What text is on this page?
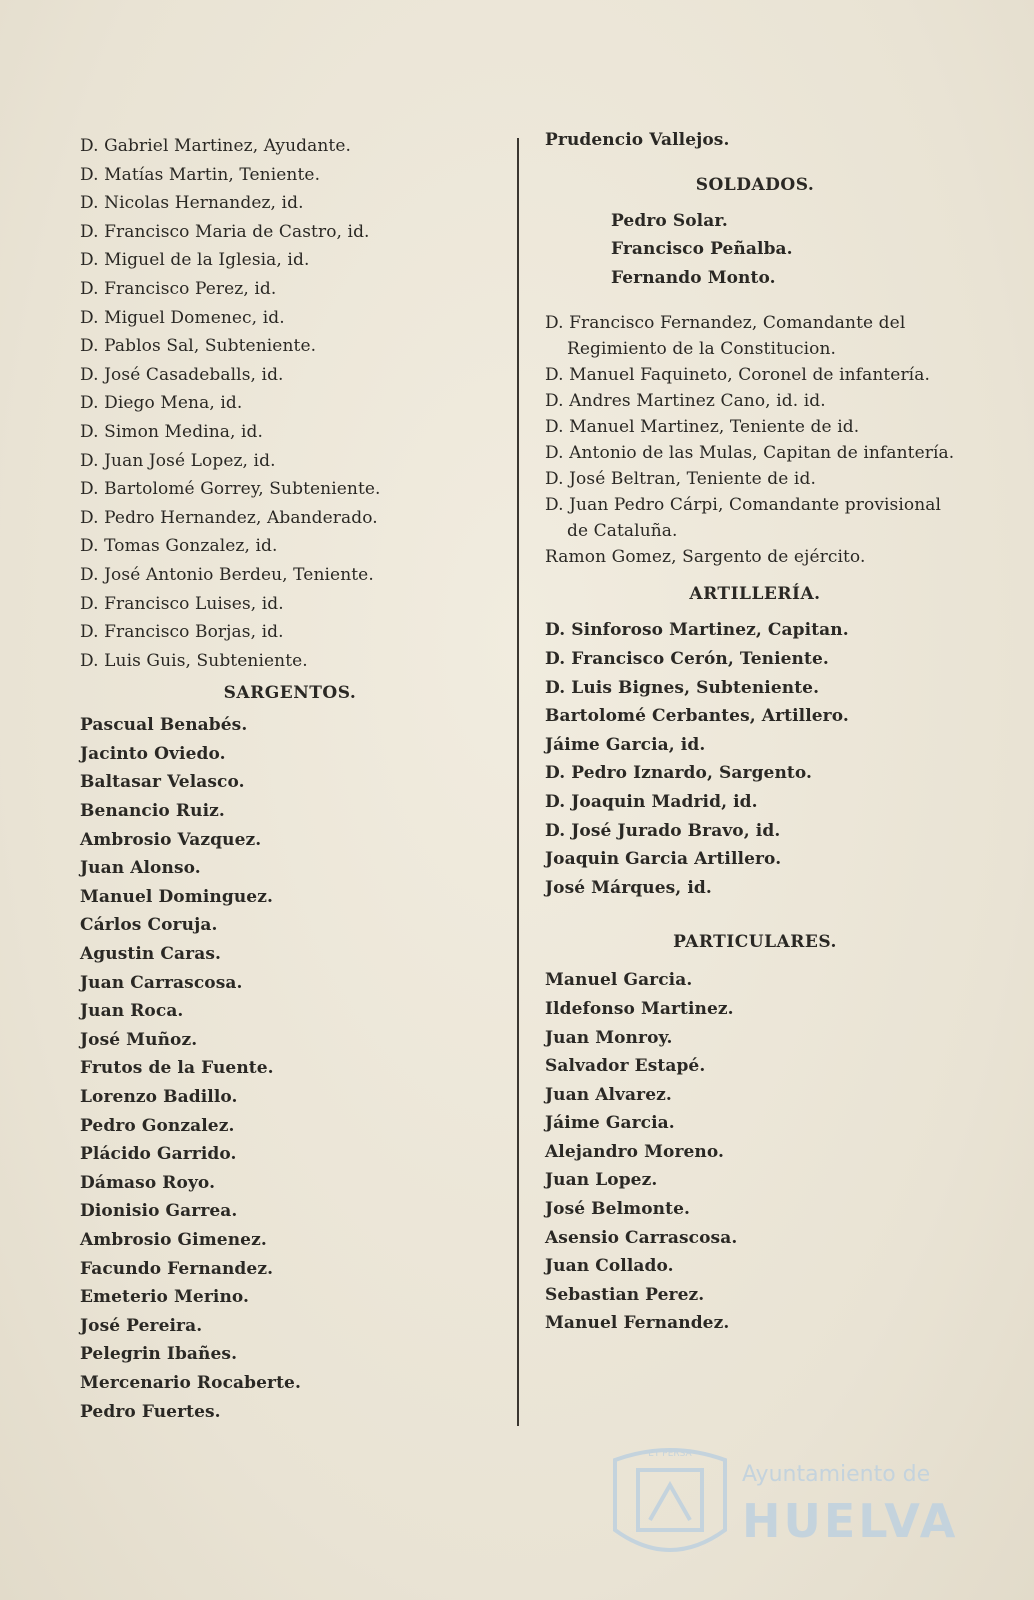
D. Gabriel Martinez, Ayudante.
D. Matías Martin, Teniente.
D. Nicolas Hernandez, id.
D. Francisco Maria de Castro, id.
D. Miguel de la Iglesia, id.
D. Francisco Perez, id.
D. Miguel Domenec, id.
D. Pablos Sal, Subteniente.
D. José Casadeballs, id.
D. Diego Mena, id.
D. Simon Medina, id.
D. Juan José Lopez, id.
D. Bartolomé Gorrey, Subteniente.
D. Pedro Hernandez, Abanderado.
D. Tomas Gonzalez, id.
D. José Antonio Berdeu, Teniente.
D. Francisco Luises, id.
D. Francisco Borjas, id.
D. Luis Guis, Subteniente.
SARGENTOS.
Pascual Benabés.
Jacinto Oviedo.
Baltasar Velasco.
Benancio Ruiz.
Ambrosio Vazquez.
Juan Alonso.
Manuel Dominguez.
Cárlos Coruja.
Agustin Caras.
Juan Carrascosa.
Juan Roca.
José Muñoz.
Frutos de la Fuente.
Lorenzo Badillo.
Pedro Gonzalez.
Plácido Garrido.
Dámaso Royo.
Dionisio Garrea.
Ambrosio Gimenez.
Facundo Fernandez.
Emeterio Merino.
José Pereira.
Pelegrin Ibañes.
Mercenario Rocaberte.
Pedro Fuertes.
Prudencio Vallejos.
SOLDADOS.
Pedro Solar.
Francisco Peñalba.
Fernando Monto.
D. Francisco Fernandez, Comandante del Regimiento de la Constitucion.
D. Manuel Faquineto, Coronel de infantería.
D. Andres Martinez Cano, id. id.
D. Manuel Martinez, Teniente de id.
D. Antonio de las Mulas, Capitan de infantería.
D. José Beltran, Teniente de id.
D. Juan Pedro Cárpi, Comandante provisional de Cataluña.
Ramon Gomez, Sargento de ejército.
ARTILLERÍA.
D. Sinforoso Martinez, Capitan.
D. Francisco Cerón, Teniente.
D. Luis Bignes, Subteniente.
Bartolomé Cerbantes, Artillero.
Jáime Garcia, id.
D. Pedro Iznardo, Sargento.
D. Joaquin Madrid, id.
D. José Jurado Bravo, id.
Joaquin Garcia Artillero.
José Márques, id.
PARTICULARES.
Manuel Garcia.
Ildefonso Martinez.
Juan Monroy.
Salvador Estapé.
Juan Alvarez.
Jáime Garcia.
Alejandro Moreno.
Juan Lopez.
José Belmonte.
Asensio Carrascosa.
Juan Collado.
Sebastian Perez.
Manuel Fernandez.
ET PERSA
Ayuntamiento de
HUELVA
